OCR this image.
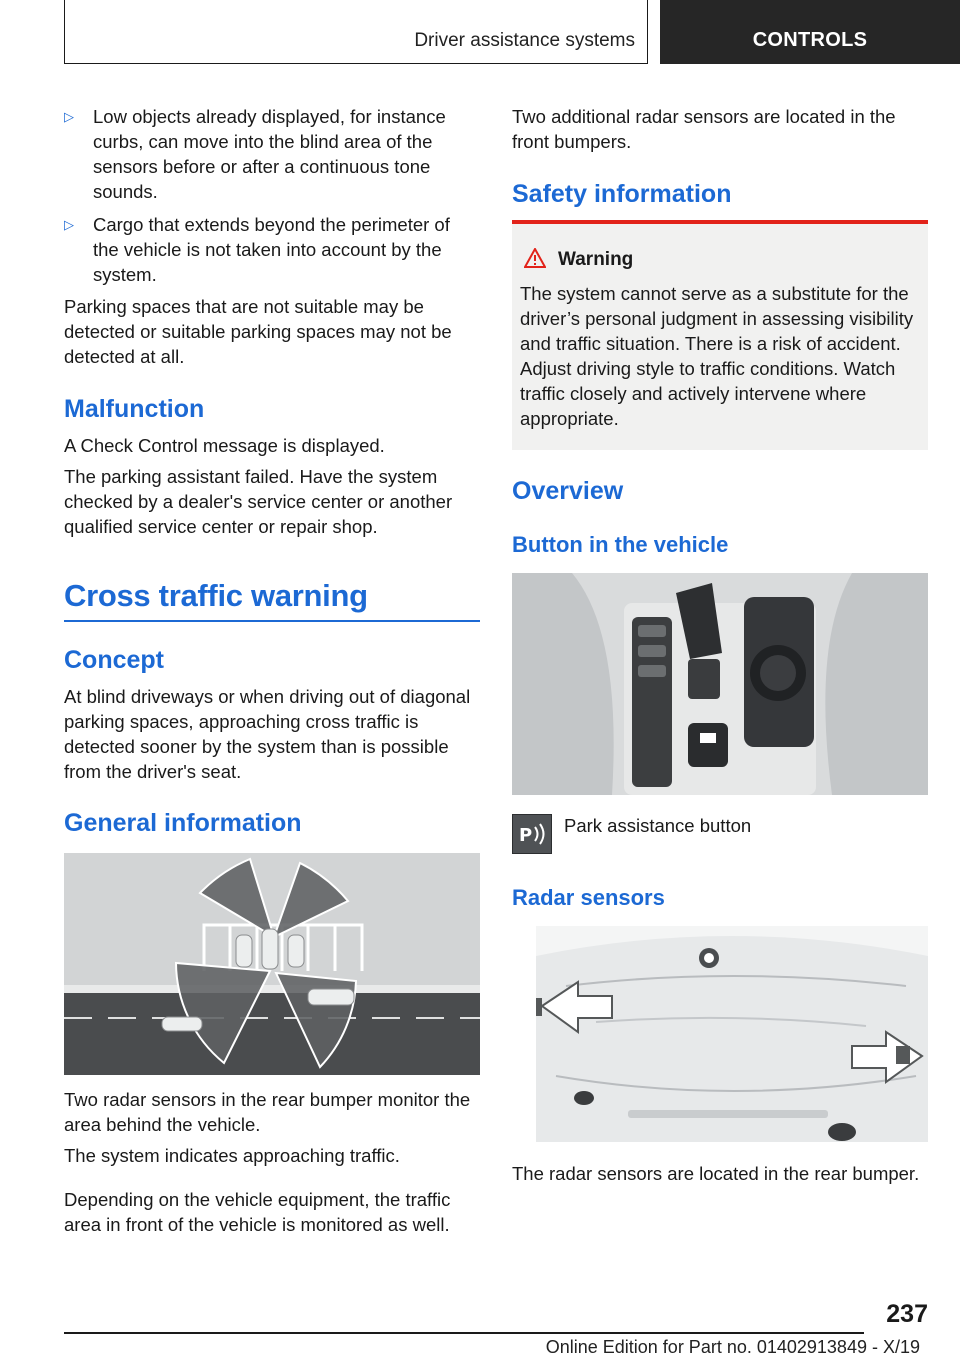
Driver assistance systems	CONTROLS
▷ Low objects already displayed, for instance curbs, can move into the blind area of the sensors before or after a continuous tone sounds.
▷ Cargo that extends beyond the perimeter of the vehicle is not taken into account by the system.

Parking spaces that are not suitable may be detected or suitable parking spaces may not be detected at all.

Malfunction

A Check Control message is displayed.

The parking assistant failed. Have the system checked by a dealer's service center or another qualified service center or repair shop.

Cross traffic warning
Concept

At blind driveways or when driving out of diagonal parking spaces, approaching cross traffic is detected sooner by the system than is possible from the driver's seat.

General information

Two radar sensors in the rear bumper monitor the area behind the vehicle.

The system indicates approaching traffic.

Depending on the vehicle equipment, the traffic area in front of the vehicle is monitored as well.

Two additional radar sensors are located in the front bumpers.

Safety information
Warning

The system cannot serve as a substitute for the driver’s personal judgment in assessing visibility and traffic situation. There is a risk of accident. Adjust driving style to traffic conditions. Watch traffic closely and actively intervene where appropriate.

Overview
Button in the vehicle
P Park assistance button
Radar sensors

The radar sensors are located in the rear bumper.

237
Online Edition for Part no. 01402913849 - X/19
